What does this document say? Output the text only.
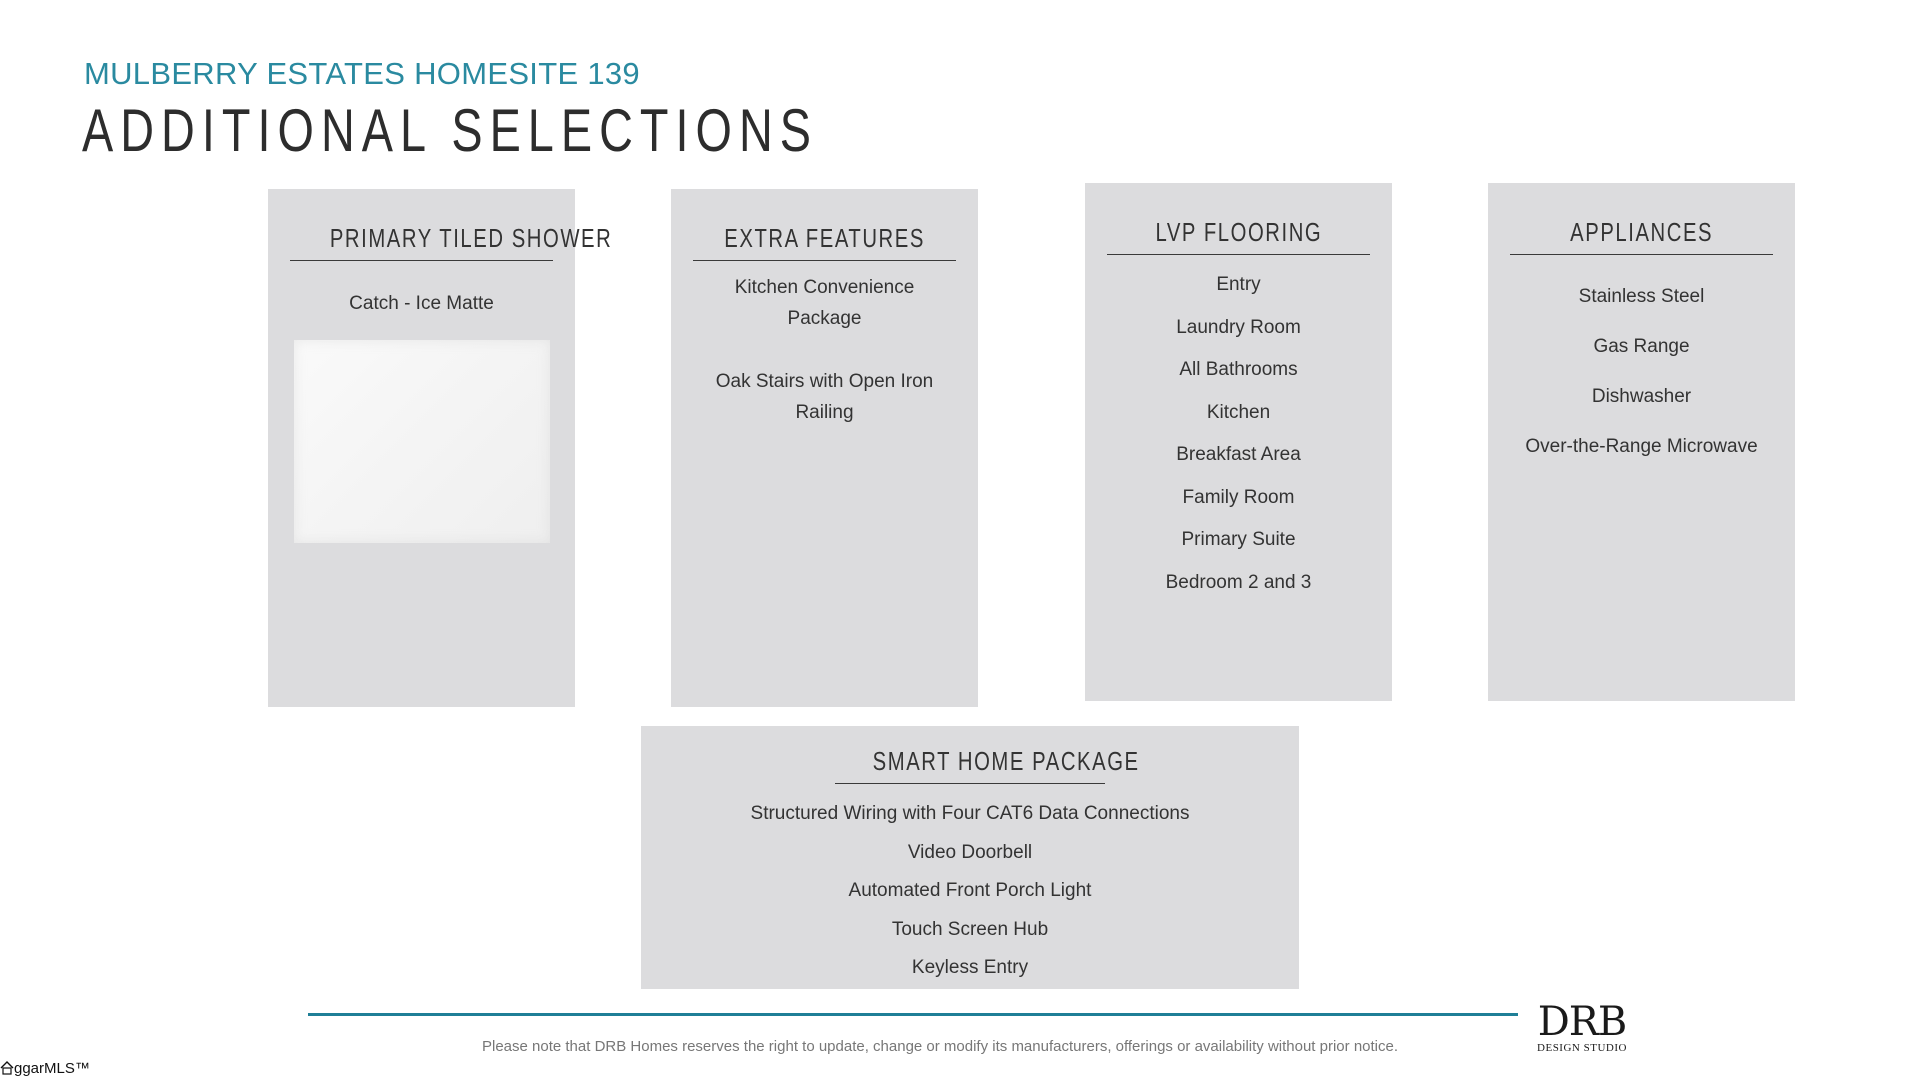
MULBERRY ESTATES HOMESITE 139
ADDITIONAL SELECTIONS
PRIMARY TILED SHOWER
Catch - Ice Matte
EXTRA FEATURES
Kitchen Convenience
Package
Oak Stairs with Open Iron
Railing
LVP FLOORING
Entry
Laundry Room
All Bathrooms
Kitchen
Breakfast Area
Family Room
Primary Suite
Bedroom 2 and 3
APPLIANCES
Stainless Steel
Gas Range
Dishwasher
Over-the-Range Microwave
SMART HOME PACKAGE
Structured Wiring with Four CAT6 Data Connections
Video Doorbell
Automated Front Porch Light
Touch Screen Hub
Keyless Entry
Please note that DRB Homes reserves the right to update, change or modify its manufacturers, offerings or availability without prior notice.
DRB
DESIGN STUDIO
ggarMLS™
